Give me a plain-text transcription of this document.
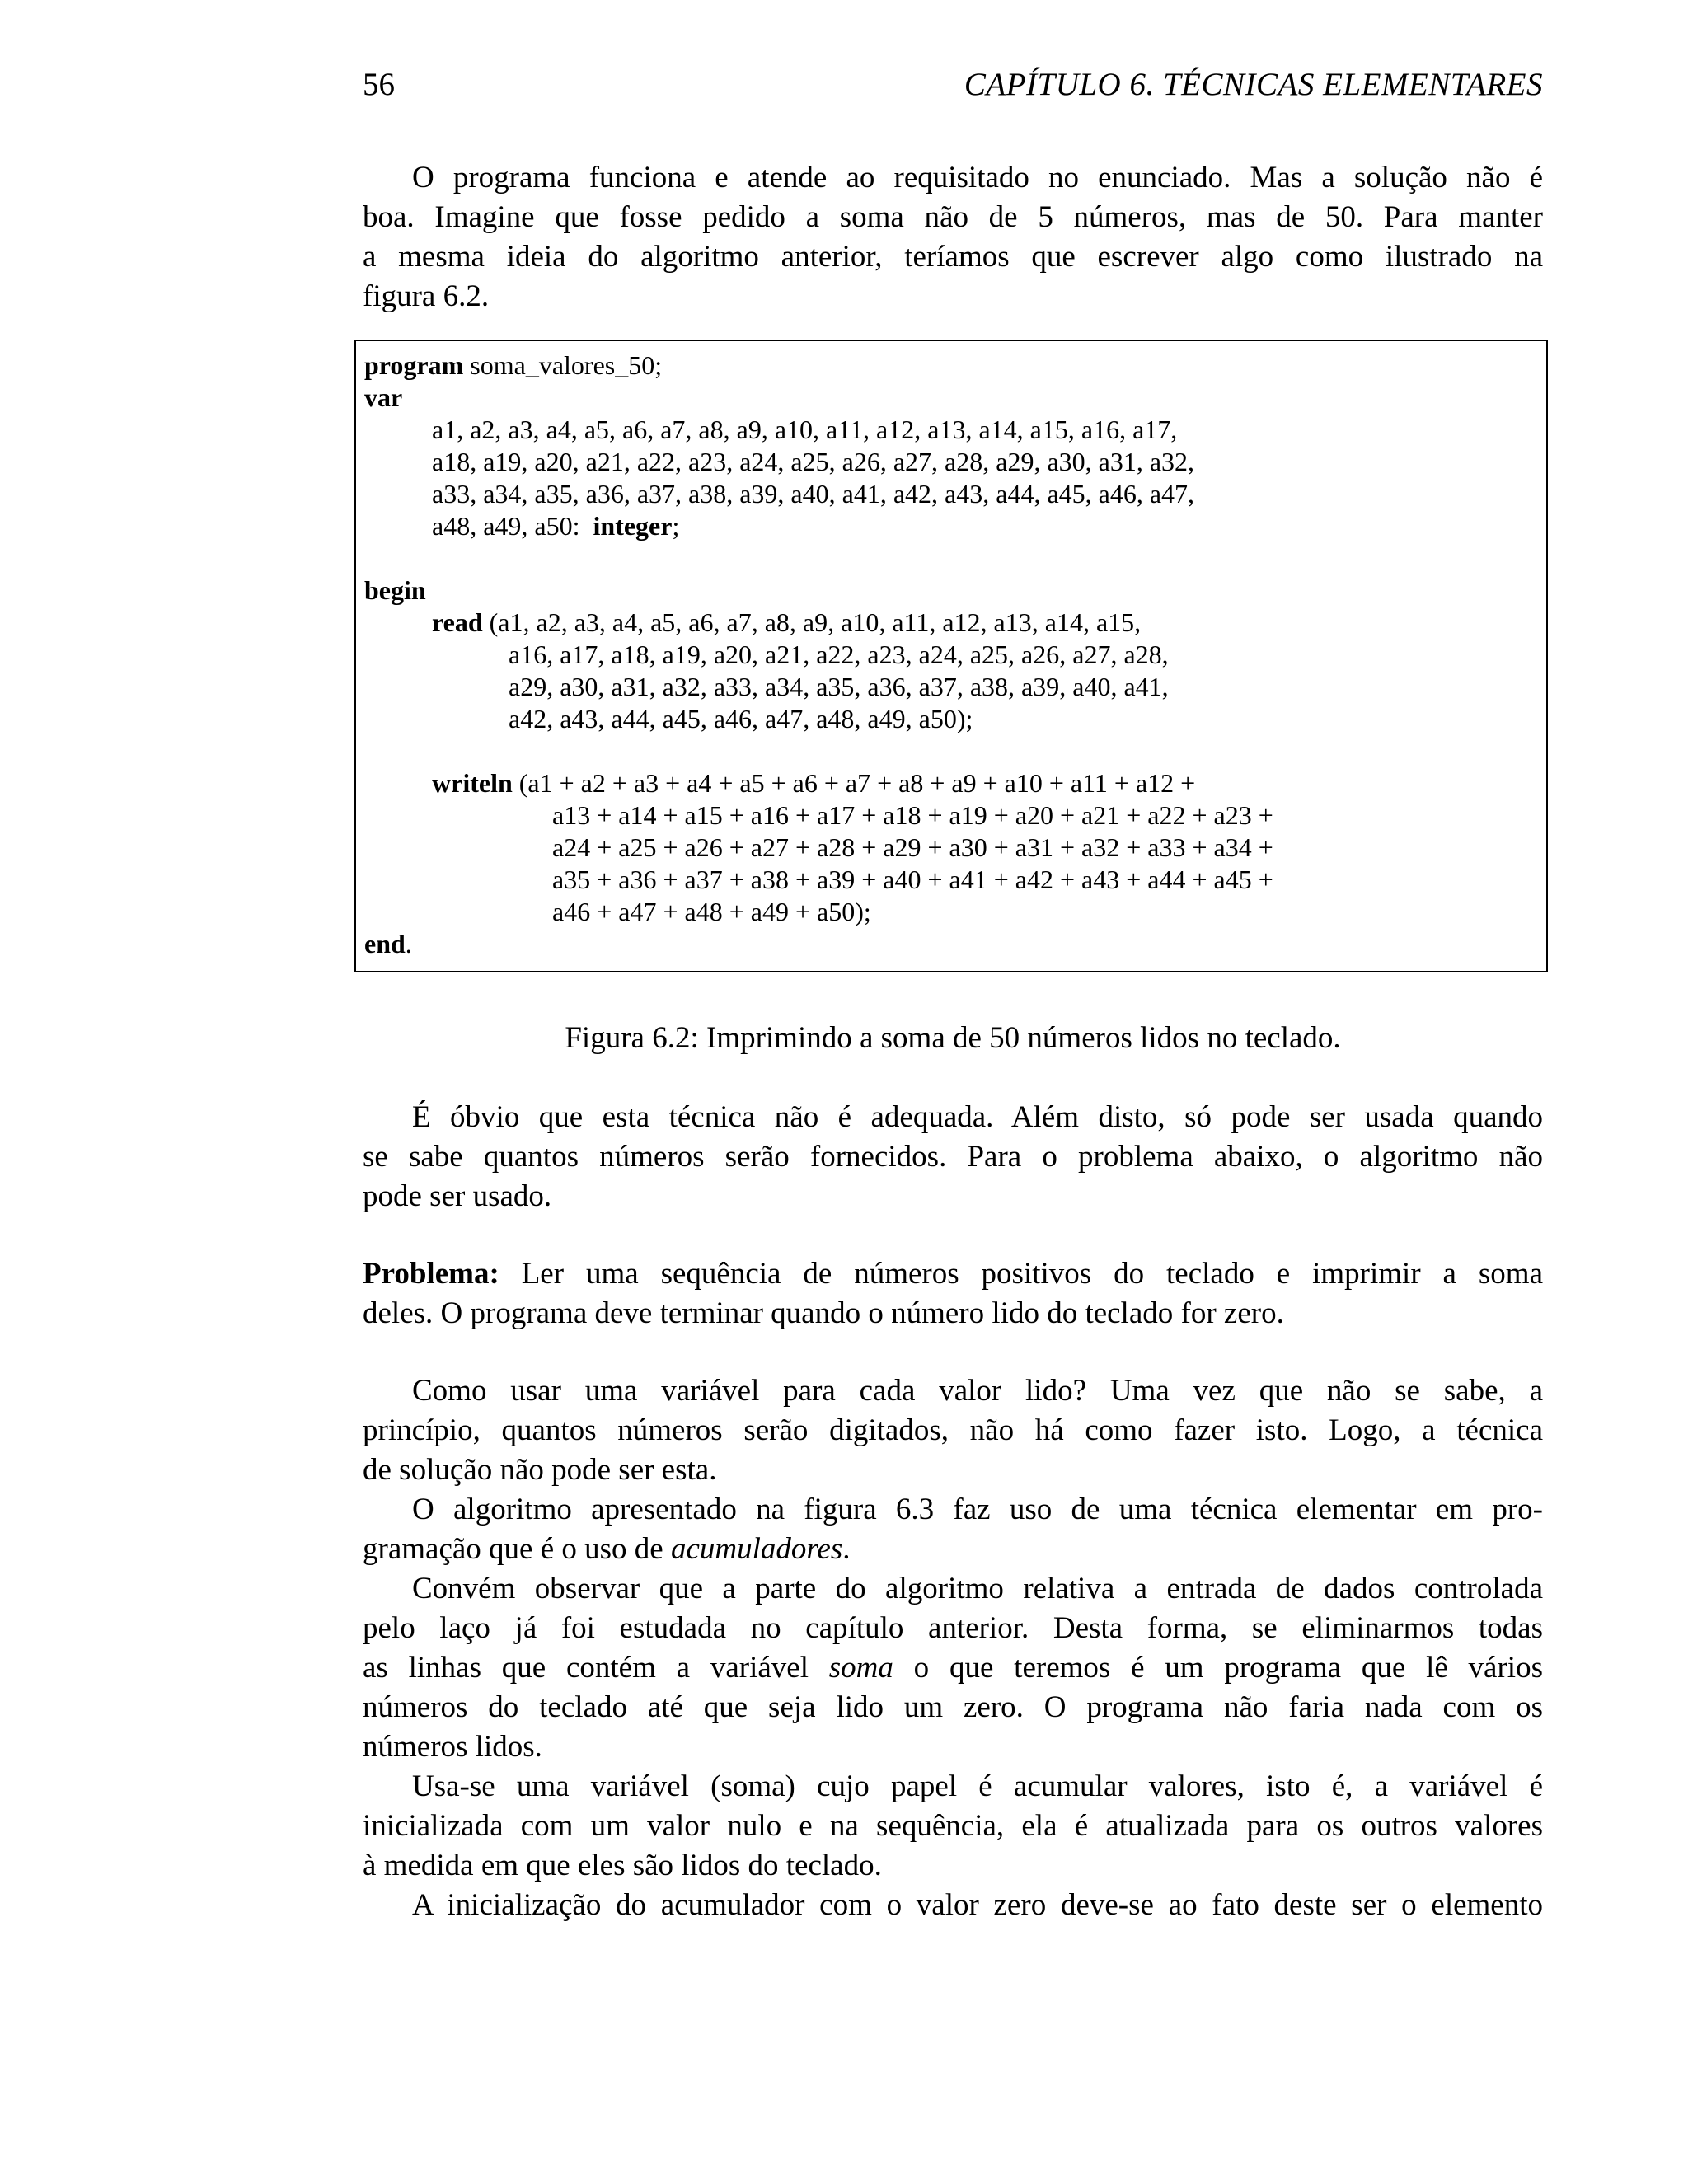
56	CAPÍTULO 6. TÉCNICAS ELEMENTARES
O programa funciona e atende ao requisitado no enunciado. Mas a solução não é
boa. Imagine que fosse pedido a soma não de 5 números, mas de 50. Para manter
a mesma ideia do algoritmo anterior, teríamos que escrever algo como ilustrado na
figura 6.2.
program soma_valores_50;
var
a1, a2, a3, a4, a5, a6, a7, a8, a9, a10, a11, a12, a13, a14, a15, a16, a17,
a18, a19, a20, a21, a22, a23, a24, a25, a26, a27, a28, a29, a30, a31, a32,
a33, a34, a35, a36, a37, a38, a39, a40, a41, a42, a43, a44, a45, a46, a47,
a48, a49, a50:  integer;
begin
read (a1, a2, a3, a4, a5, a6, a7, a8, a9, a10, a11, a12, a13, a14, a15,
a16, a17, a18, a19, a20, a21, a22, a23, a24, a25, a26, a27, a28,
a29, a30, a31, a32, a33, a34, a35, a36, a37, a38, a39, a40, a41,
a42, a43, a44, a45, a46, a47, a48, a49, a50);
writeln (a1 + a2 + a3 + a4 + a5 + a6 + a7 + a8 + a9 + a10 + a11 + a12 +
a13 + a14 + a15 + a16 + a17 + a18 + a19 + a20 + a21 + a22 + a23 +
a24 + a25 + a26 + a27 + a28 + a29 + a30 + a31 + a32 + a33 + a34 +
a35 + a36 + a37 + a38 + a39 + a40 + a41 + a42 + a43 + a44 + a45 +
a46 + a47 + a48 + a49 + a50);
end.
Figura 6.2: Imprimindo a soma de 50 números lidos no teclado.
É óbvio que esta técnica não é adequada. Além disto, só pode ser usada quando
se sabe quantos números serão fornecidos. Para o problema abaixo, o algoritmo não
pode ser usado.
Problema: Ler uma sequência de números positivos do teclado e imprimir a soma
deles. O programa deve terminar quando o número lido do teclado for zero.
Como usar uma variável para cada valor lido? Uma vez que não se sabe, a
princípio, quantos números serão digitados, não há como fazer isto. Logo, a técnica
de solução não pode ser esta.
O algoritmo apresentado na figura 6.3 faz uso de uma técnica elementar em pro-
gramação que é o uso de acumuladores.
Convém observar que a parte do algoritmo relativa a entrada de dados controlada
pelo laço já foi estudada no capítulo anterior. Desta forma, se eliminarmos todas
as linhas que contém a variável soma o que teremos é um programa que lê vários
números do teclado até que seja lido um zero. O programa não faria nada com os
números lidos.
Usa-se uma variável (soma) cujo papel é acumular valores, isto é, a variável é
inicializada com um valor nulo e na sequência, ela é atualizada para os outros valores
à medida em que eles são lidos do teclado.
A inicialização do acumulador com o valor zero deve-se ao fato deste ser o elemento
